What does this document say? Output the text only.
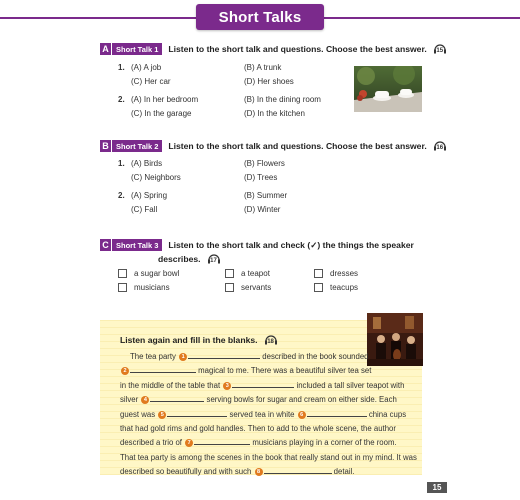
Short Talks
A Short Talk 1	Listen to the short talk and questions. Choose the best answer.	15
1. (A) A job	(B) A trunk
(C) Her car	(D) Her shoes
2. (A) In her bedroom	(B) In the dining room
(C) In the garage	(D) In the kitchen
B Short Talk 2	Listen to the short talk and questions. Choose the best answer.	16
1. (A) Birds	(B) Flowers
(C) Neighbors	(D) Trees
2. (A) Spring	(B) Summer
(C) Fall	(D) Winter
C Short Talk 3	Listen to the short talk and check (✓) the things the speaker
describes.	17
a sugar bowl	a teapot	dresses
musicians	servants	teacups
Listen again and fill in the blanks.	18
The tea party 1	described in the book sounded
2	magical to me. There was a beautiful silver tea set
in the middle of the table that 3	included a tall silver teapot with
silver 4	serving bowls for sugar and cream on either side. Each
guest was 5	served tea in white 6	china cups
that had gold rims and gold handles. Then to add to the whole scene, the author
described a trio of 7	musicians playing in a corner of the room.
That tea party is among the scenes in the book that really stand out in my mind. It was
described so beautifully and with such 8	detail.
15
